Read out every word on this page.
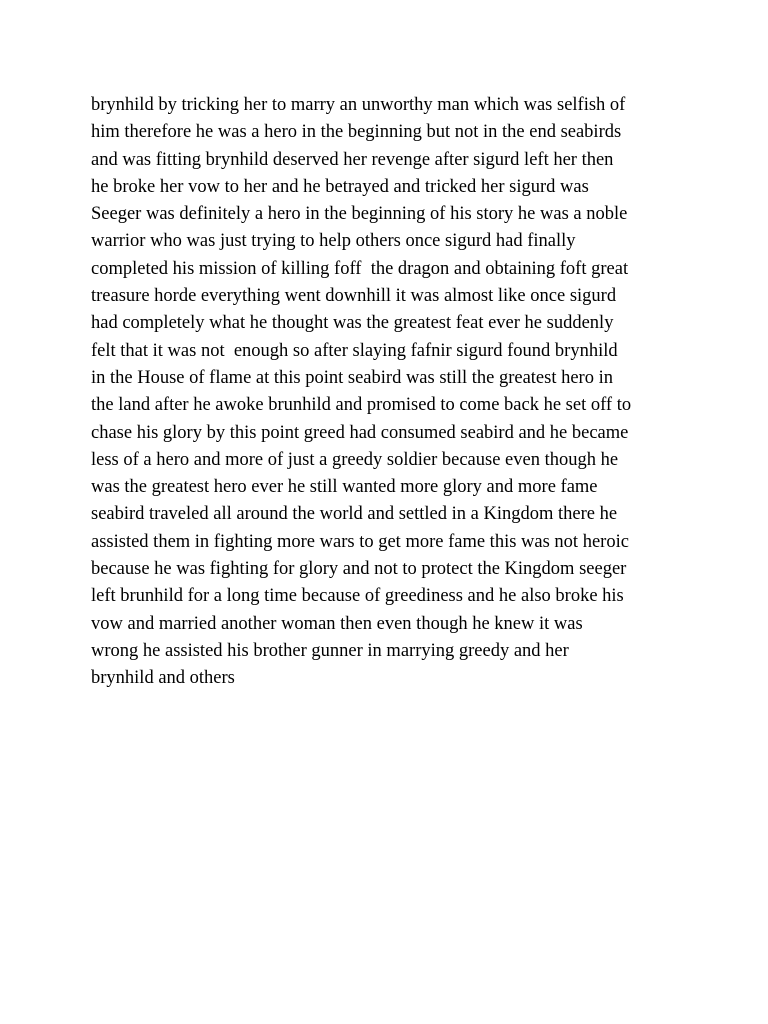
brynhild by tricking her to marry an unworthy man which was selfish of
him therefore he was a hero in the beginning but not in the end seabirds
and was fitting brynhild deserved her revenge after sigurd left her then
he broke her vow to her and he betrayed and tricked her sigurd was
Seeger was definitely a hero in the beginning of his story he was a noble
warrior who was just trying to help others once sigurd had finally
completed his mission of killing foff  the dragon and obtaining foft great
treasure horde everything went downhill it was almost like once sigurd
had completely what he thought was the greatest feat ever he suddenly
felt that it was not  enough so after slaying fafnir sigurd found brynhild
in the House of flame at this point seabird was still the greatest hero in
the land after he awoke brunhild and promised to come back he set off to
chase his glory by this point greed had consumed seabird and he became
less of a hero and more of just a greedy soldier because even though he
was the greatest hero ever he still wanted more glory and more fame
seabird traveled all around the world and settled in a Kingdom there he
assisted them in fighting more wars to get more fame this was not heroic
because he was fighting for glory and not to protect the Kingdom seeger
left brunhild for a long time because of greediness and he also broke his
vow and married another woman then even though he knew it was
wrong he assisted his brother gunner in marrying greedy and her
brynhild and others
